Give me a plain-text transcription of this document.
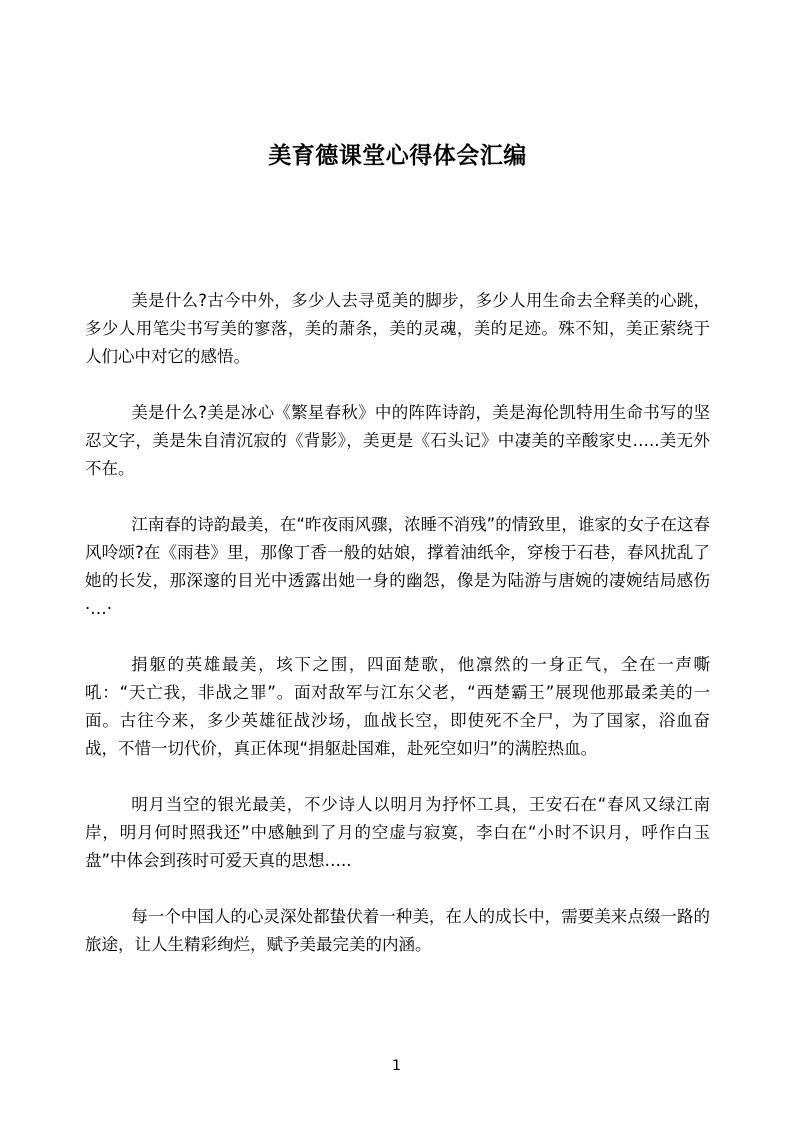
美育德课堂心得体会汇编

美是什么?古今中外，多少人去寻觅美的脚步，多少人用生命去全释美的心跳，多少人用笔尖书写美的寥落，美的萧条，美的灵魂，美的足迹。殊不知，美正萦绕于人们心中对它的感悟。

美是什么?美是冰心《繁星春秋》中的阵阵诗韵，美是海伦凯特用生命书写的坚忍文字，美是朱自清沉寂的《背影》，美更是《石头记》中凄美的辛酸家史…..美无外不在。

江南春的诗韵最美，在“昨夜雨风骤，浓睡不消残”的情致里，谁家的女子在这春风呤颂?在《雨巷》里，那像丁香一般的姑娘，撑着油纸伞，穿梭于石巷，春风扰乱了她的长发，那深邃的目光中透露出她一身的幽怨，像是为陆游与唐婉的凄婉结局感伤·…·

捐躯的英雄最美，垓下之围，四面楚歌，他凛然的一身正气，全在一声嘶吼：“天亡我，非战之罪”。面对敌军与江东父老，“西楚霸王”展现他那最柔美的一面。古往今来，多少英雄征战沙场，血战长空，即使死不全尸，为了国家，浴血奋战，不惜一切代价，真正体现“捐躯赴国难，赴死空如归”的满腔热血。

明月当空的银光最美，不少诗人以明月为抒怀工具，王安石在“春风又绿江南岸，明月何时照我还”中感触到了月的空虚与寂寞，李白在“小时不识月，呼作白玉盘”中体会到孩时可爱天真的思想…..

每一个中国人的心灵深处都蛰伏着一种美，在人的成长中，需要美来点缀一路的旅途，让人生精彩绚烂，赋予美最完美的内涵。

1
